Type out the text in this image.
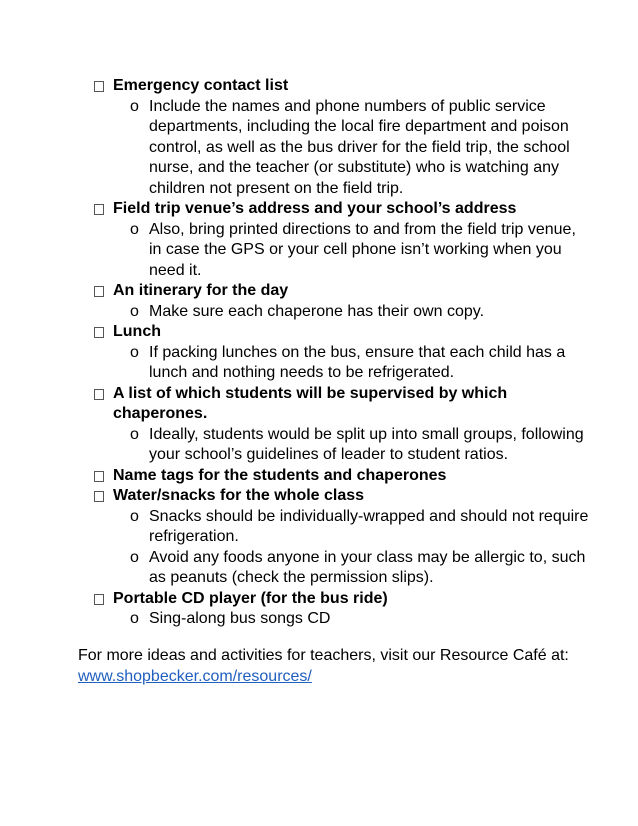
Emergency contact list
o Include the names and phone numbers of public service departments, including the local fire department and poison control, as well as the bus driver for the field trip, the school nurse, and the teacher (or substitute) who is watching any children not present on the field trip.
Field trip venue’s address and your school’s address
o Also, bring printed directions to and from the field trip venue, in case the GPS or your cell phone isn’t working when you need it.
An itinerary for the day
o Make sure each chaperone has their own copy.
Lunch
o If packing lunches on the bus, ensure that each child has a lunch and nothing needs to be refrigerated.
A list of which students will be supervised by which chaperones.
o Ideally, students would be split up into small groups, following your school’s guidelines of leader to student ratios.
Name tags for the students and chaperones
Water/snacks for the whole class
o Snacks should be individually-wrapped and should not require refrigeration.
o Avoid any foods anyone in your class may be allergic to, such as peanuts (check the permission slips).
Portable CD player (for the bus ride)
o Sing-along bus songs CD
For more ideas and activities for teachers, visit our Resource Café at:
www.shopbecker.com/resources/
